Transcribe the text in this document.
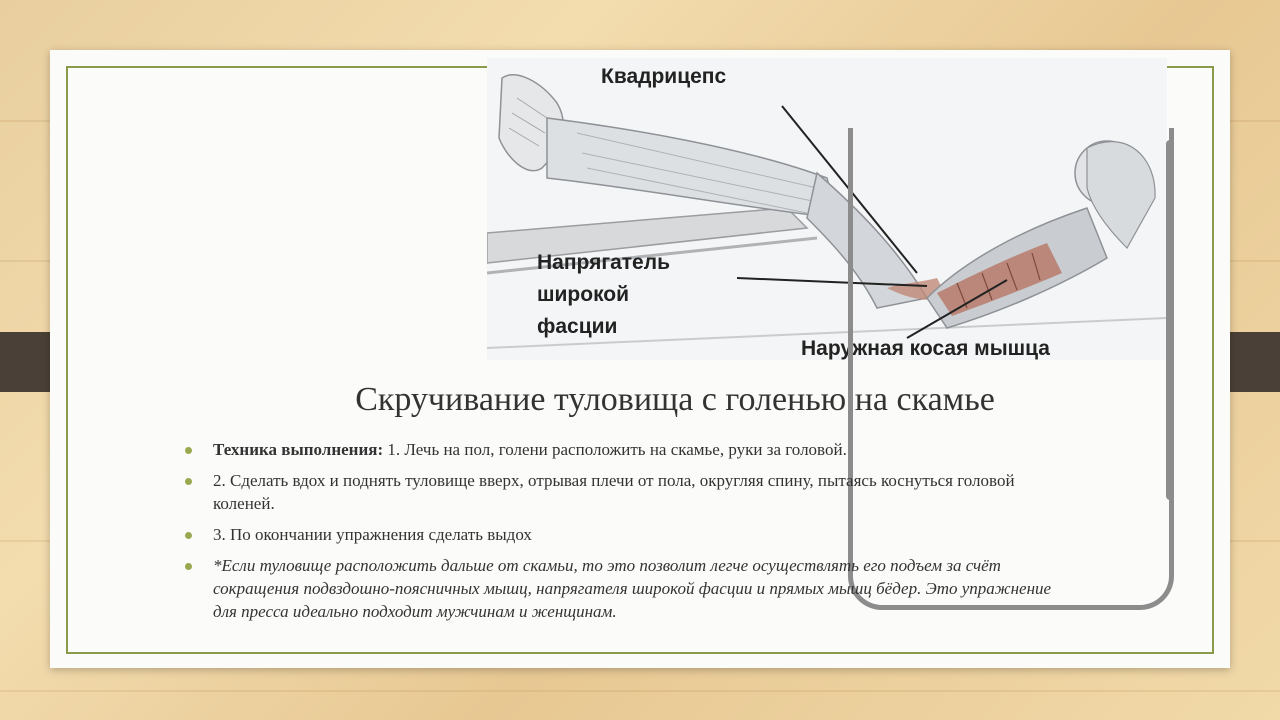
Квадрицепс
Напрягатель
широкой
фасции
Наружная косая мышца
Скручивание туловища с голенью на скамье
Техника выполнения: 1. Лечь на пол, голени расположить на скамье, руки за головой.
2. Сделать вдох и поднять туловище вверх, отрывая плечи от пола, округляя спину, пытаясь коснуться головой коленей.
3. По окончании упражнения сделать выдох
*Если туловище расположить дальше от скамьи, то это позволит легче осуществлять его подъем за счёт сокращения подвздошно-поясничных мышц, напрягателя широкой фасции и прямых мышц бёдер. Это упражнение для пресса идеально подходит мужчинам и женщинам.
